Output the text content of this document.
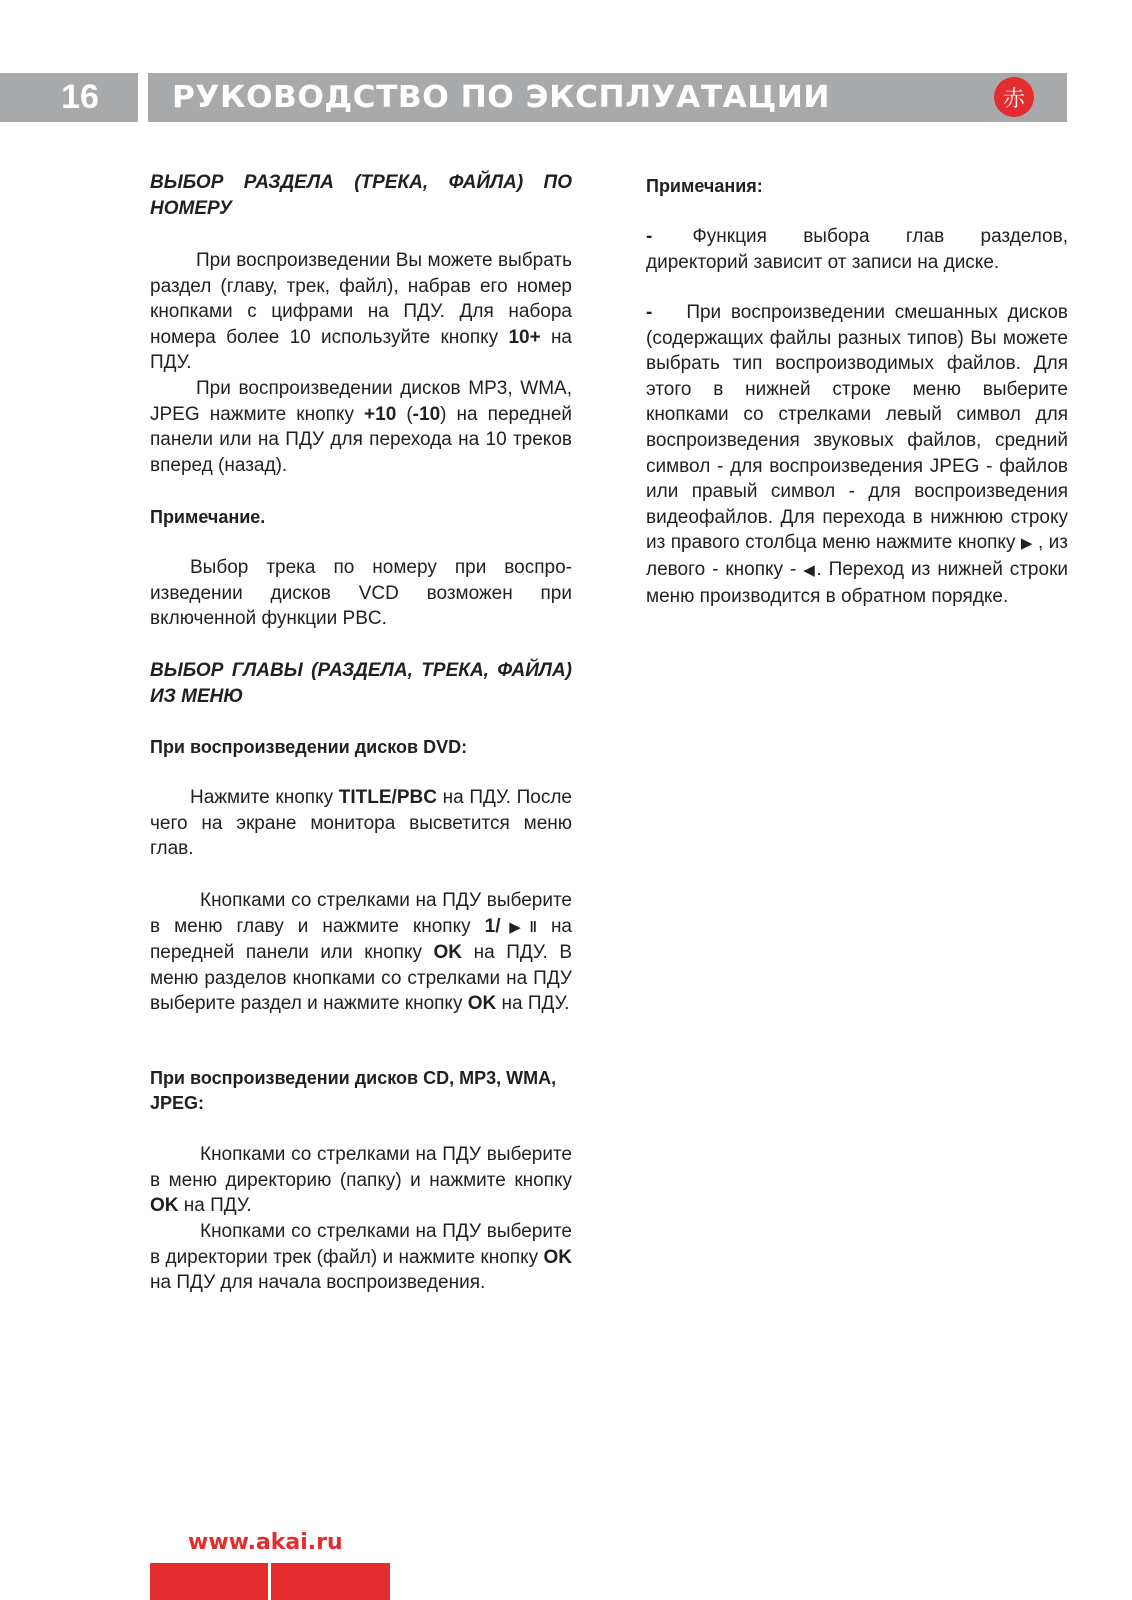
16	РУКОВОДСТВО ПО ЭКСПЛУАТАЦИИ	赤
ВЫБОР РАЗДЕЛА (ТРЕКА, ФАЙЛА) ПО НОМЕРУ

При воспроизведении Вы можете выбрать раздел (главу, трек, файл), набрав его номер кнопками с цифрами на ПДУ. Для набора номера более 10 используйте кнопку 10+ на ПДУ.

При воспроизведении дисков MP3, WMA, JPEG нажмите кнопку +10 (-10) на передней панели или на ПДУ для перехода на 10 треков вперед (назад).

Примечание.

Выбор трека по номеру при воспро-изведении дисков VCD возможен при включенной функции PBC.

ВЫБОР ГЛАВЫ (РАЗДЕЛА, ТРЕКА, ФАЙЛА) ИЗ МЕНЮ
При воспроизведении дисков DVD:

Нажмите кнопку TITLE/PBC на ПДУ. После чего на экране монитора высветится меню глав.

Кнопками со стрелками на ПДУ выберите в меню главу и нажмите кнопку 1/▶‖ на передней панели или кнопку OK на ПДУ. В меню разделов кнопками со стрелками на ПДУ выберите раздел и нажмите кнопку OK на ПДУ.

При воспроизведении дисков CD, MP3, WMA, JPEG:

Кнопками со стрелками на ПДУ выберите в меню директорию (папку) и нажмите кнопку OK на ПДУ.

Кнопками со стрелками на ПДУ выберите в директории трек (файл) и нажмите кнопку OK на ПДУ для начала воспроизведения.

Примечания:

- Функция выбора глав разделов, директорий зависит от записи на диске.

- При воспроизведении смешанных дисков (содержащих файлы разных типов) Вы можете выбрать тип воспроизводимых файлов. Для этого в нижней строке меню выберите кнопками со стрелками левый символ для воспроизведения звуковых файлов, средний символ - для воспроизведения JPEG - файлов или правый символ - для воспроизведения видеофайлов. Для перехода в нижнюю строку из правого столбца меню нажмите кнопку ▶ , из левого - кнопку - ◀. Переход из нижней строки меню производится в обратном порядке.

www.akai.ru
